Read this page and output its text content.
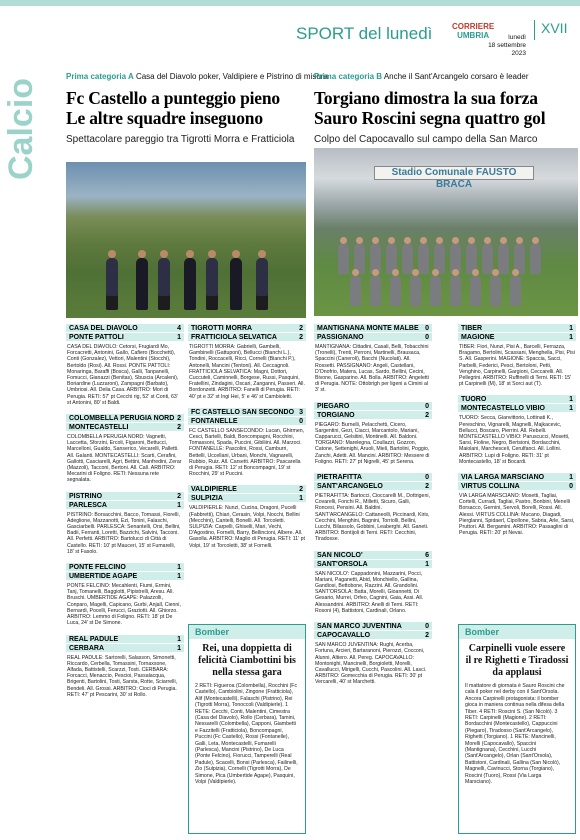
SPORT del lunedì CORRIERE
UMBRIA	lunedì
18 settembre
2023
XVII
Calcio
Prima categoria A Casa del Diavolo poker, Valdipiere e Pistrino di misura
Fc Castello a punteggio pieno
Le altre squadre inseguono
Spettacolare pareggio tra Tigrotti Morra e Fratticiola
Prima categoria B Anche il Sant'Arcangelo corsaro è leader
Torgiano dimostra la sua forza
Sauro Roscini segna quattro gol
Colpo del Capocavallo sul campo della San Marco
Stadio Comunale FAUSTO BRACA
CASA DEL DIAVOLO	4
PONTE PATTOLI	1
CASA DEL DIAVOLO: Cetorsi, Frugiardi Mo, Forcacretti, Antonini, Gallo, Cafiero (Bocchetti), Conti (Gonzalez), Vettori, Malentini (Stocchi), Bertoldo (Rosi). All. Rossi. PONTE PATTOLI: Monaringa, Baraffi (Bosca), Galli, Tanpanelli, Fomucci, Gianazzi (Benitas), Sbuscia (Arcaleni), Boriardine (Luzzaroni), Zampagni (Barbato), Umbriosi. All. Delia Casa. ARBITRO: Mori di Perugia. RETI: 57' pt Cecchi rig, 52' st Conti, 63' st Antonini, 80' st Baldi.
COLOMBELLA PERUGIA NORD 2
MONTECASTELLI	2
COLOMBELLA PERUGIA NORD: Vagnetti, Laccetta, Sforzini, Ercoli, Figaroni, Bettucci, Marcelloni, Gualdo, Sanserico, Vecarelli, Palletti. All. Galanti. MONTECASTELLI: Scarti, Cerafini, Gallotti, Casciarelli, Agri, Bettini, Manfredini, Zerar (Mazzoli), Tacconi, Bertoni. All. Calì. ARBITRO: Mecarini di Foligno. RETI: Nessuna rete segnalata.
PISTRINO	2
PARLESCA	1
PISTRINO: Borsacchini, Bacco, Tomassi, Fiorelli, Adeglione, Mazzanotti, Ezi, Tonini, Falaschi, Gasciarbelli. PARLESCA: Senantelli, Orsi, Bellini, Badii, Ferranti, Loretti, Bazzichi, Salvini, Tacconi. All. Perfetti. ARBITRO: Bartolucci di Città di Castello. RETI: 10' pt Mauceri, 15' st Fumarelli, 18' st Fasolo.
PONTE FELCINO	1
UMBERTIDE AGAPE	1
PONTE FELCINO: Mecahlenti, Fiumi, Ermini, Tanj, Tomanelli, Baggiotti, Pipistrelli, Aresu. All. Bruschi. UMBERTIDE AGAPE: Palazzolli, Conparo, Magelli, Capicano, Gurbi, Anjall, Cienni, Bernardi, Pocelli, Ferucci, Graziotti. All. Ghiorzo. ARBITRO: Lemmo di Foligno. RETI: 18' pt De Luca, 24' st De Simone.
REAL PADULE	1
CERBARA	1
REAL PADULE: Sartorelli, Salasson, Simonetti, Riccardo, Cerbella, Tomassini, Tornaxsone, Alfada, Battistelli, Scarzzi, Tosti. CERBARA: Forcacci, Menaccio, Pescioi, Passalacqua, Brigenti, Bartolini, Tosti, Sarsta, Rotte, Sciarrelli, Bendeli. All. Grossi. ARBITRO: Cioci di Perugia. RETI: 47' pt Pescarini, 30' st Rollo.
TIGROTTI MORRA	2
FRATTICIOLA SELVATICA	2
TIGROTTI MORRA: Gabrielli, Gambelli, Gambinelli (Gattuponi), Bellucci (Bianchi L.), Tondini, Roccacelli, Ricci, Cornelli (Bianchi P.), Antonelli, Mancini (Tentoni). All. Ceccagnoli. FRATTICIOLA SELVATICA: Magni, Dottori, Cuccuteli, Caminnelli, Borgese, Russi, Pasquini, Fratellini, Zindagini, Oscari, Zanganni, Passeri. All. Bordonzetti. ARBITRO: Fanelli di Perugia. RETI: 40' pt e 32' st Ingi Hei, 5' e 46' st Cambioletti.
FC CASTELLO SAN SECONDO 3
FONTANELLE	0
FC CASTELLO SANSECONDO: Lucan, Ghirmen, Cesci, Bartelli, Baldi, Boncompagni, Rocchini, Tomassoni, Spada, Puccini, Gibiliini. All. Marzoci. FONTANELLE: Pascolini, Rossi, Camburri, Bettelli, Uccellani, Urbani, Monchi, Vagnarelli, Rubbio, Ruiz. All. Carsetti. ARBITRO: Pascarella di Perugia. RETI: 12' st Boncompagni, 19' st Rocchini, 29' st Puccini.
VALDIPIERLE	2
SULPIZIA	1
VALDIPIERLE: Nunzi, Cucina, Dragoni, Pucelli (Fabbretti), Chiari, Cerasin, Volpi, Nocchi, Bellini (Mecchini), Cantelli, Bonelli. All. Torcoletti. SULPIZIA: Carpelli, Ghiselli, Mari, Vechi, D'Agostino, Fornelli, Barry, Bellincioni, Albere. All. Gasolla. ARBITRO: Maglio di Perugia. RETI: 11' pt Volpi, 19' st Torcoletti, 38' st Fornelli.
MANTIGNANA MONTE MALBE 0
PASSIGNANO	0
MANTIGNANA: Cittadini, Casali, Belli, Tobacchini (Tronelli), Trenti, Perroni, Martinelli, Brausaca, Spaccini (Caneroli), Bacchi (Nucolati). All. Rossetti. PASSIGNANO: Angeli, Castellani, D'Onofrio, Matera, Lucas, Sardo, Bellini, Cecini, Bivone, Gasparino. All. Bolla. ARBITRO: Angeletti di Perugia. NOTE: Ottobrigh per ligeni a Cimini al 3' st.
PIEGARO	0
TORGIANO	2
PIEGARO: Burnelli, Pelacchetti, Cicero, Sargentini, Gezi, Ciacci, Marcantolo, Mariani, Capparucci, Gelsitini, Montinelli. All. Baldoni. TORGIANO: Marelegna, Coullazzi, Gozzon, Catone, Settenighi, Aruoli, Mieli, Bartolini, Poggio, Zanchi, Adetti. All. Mancini. ARBITRO: Messere di Foligno. RETI: 27' pt Nigrelli, 45' pt Serena.
PIETRAFITTA	0
SANT'ARCANGELO	2
PIETRAFITTA: Bartocci, Cioccarelli M., Dottrigeni, Covarelli, Fonchi R., Milletti, Sicuro, Galli, Roncesi, Pensini. All. Baldini. SANT'ARCANGELO: Cattaneolli, Piccinardi, Kiris, Cecchini, Menghini, Bagnini, Torriolli, Bellini, Lucchi, Bilassolo, Gobbini, Leaberghi. All. Ganeti. ARBITRO: Bontijoli di Terni. RETI: Cecchini, Tiradosse.
SAN NICOLO'	6
SANT'ORSOLA	1
SAN NICOLO': Cappadonini, Mazzarini, Pocci, Mariani, Paganetti, Abid, Monchiello, Gallina, Gandiosi, Bettobone, Razzini. All. Grandolini. SANT'ORSOLA: Batta, Morelli, Gioannetti, Di Gesario, Murrei, Orfeo, Cagnini, Gaia, Assi. All. Alessandrini. ARBITRO: Anelli di Terni. RETI: Rosoni (4), Battistoni, Cardinali, Orlano.
SAN MARCO JUVENTINA	0
CAPOCAVALLO	2
SAN MARCO JUVENTINA: Rughi, Acerba, Fortuna, Arcieri, Bartaranoni, Pierozzi, Cocconi, Alunni, Altiero. All. Pereg. CAPOCAVALLO: Montonighi, Mancinelli, Borgioletti, Morelli, Cavallucci, Mirigelli, Cucchi, Pascolini. All. Lasci. ARBITRO: Gomecchia di Perugia. RETI: 30' pt Vercarelli, 40' st Marchetti.
TIBER	1
MAGIONE	1
TIBER: Fiori, Nunzi, Pisi A., Barcelli, Ferrazza, Bragamo, Bertolini, Scassani, Menghella, Pisi, Pisi S. All. Gasperini. MAGIONE: Spaccia, Sacci, Parbelli, Federici, Pesci, Bertoloni, Petti, Venghino, Carpinelli, Gargioni, Ceccarelli. All. Pellegrini. ARBITRO: Ruffinelli di Terni. RETI: 15' pt Carpinelli (M), 18' st Sorci aut (T).
TUORO	1
MONTECASTELLO VIBIO	1
TUORO: Secca, Gianvittorio, Lottinati K., Pereschino, Vignarelli, Magnelli, Majkacevic, Bellucci, Boscaro, Pierrini. All. Rebelli. MONTECASTELLO VIBIO: Paruscucci, Mosetti, Sarsi, Fioline, Negro, Bertsioni, Bordacchini, Maiolani, Marchesceli, Cerulfanci. All. Lollini. ARBITRO: Lupi di Foligno. RETI: 31' pt Montecastello, 18' st Bocardi.
VIA LARGA MARSCIANO	1
VIRTUS COLLINA	0
VIA LARGA MARSCIANO: Mosetti, Tagliai, Cortelli, Curradi, Tagliai, Pastro, Bonbini, Menelli Borsacco, Gernini, Servoli, Borelli, Rossi. All. Alessi. VIRTUS COLLINA: Mucano, Diagadi, Pierglanni, Spidaerl, Cipollone, Sabria, Arle, Sarsi, Pruttori. All. Bergamini. ARBITRO: Passaglini di Perugia. RETI: 20' pt Nevai.
Bomber
Rei, una doppietta di felicità Ciambottini bis nella stessa gara
2 RETI: Figueroa (Colombella), Rocchini (Fc Castello), Cambiolini, Zingone (Fratticiola), Alif (Montecastelli), Falaschi (Pistrino), Rei (Tigrotti Morra), Tonoccoli (Valdipierle). 1 RETE: Cecchi, Conti, Malentini, Cimestra (Casa del Diavolo), Rollo (Cerbara), Tamini, Nessarelli (Colombella), Capponi, Giambetti e Fazzitelli (Fratticiola), Boncompagni, Puccini (Fc Castello), Rossi (Fontanelle), Galli, Leta, Montecastelli, Fumarelli (Parlesca), Mancini (Pistrino), De Luca (Ponte Felcino), Fiorucci, Tamperelli (Real Padule), Scacelli, Bonsi (Parlesca), Failinelli, Zio (Sulpizia), Cornelli (Tigrotti Morra), De Simone, Pica (Umbertide Agape), Pasquini, Volpi (Valdipierle).
Bomber
Carpinelli vuole essere il re Righetti e Tiradossi da applausi
Il mattatore di giornata è Sauro Roscini che cala il poker nel derby con il Sant'Orsola. Ancora Carpinelli protagonista: il bomber gioca in maniera continua nella difesa della Tiber. 4 RETI: Roscini S. (San Nicolò). 3 RETI: Carpinelli (Magione). 2 RETI: Bordacchini (Montecastello), Cappuccini (Piegaro), Tiradosso (Sant'Arcangelo), Righetti (Torgiano). 1 RETE: Mancinelli, Morelli (Capocavallo), Spaccini (Mantignana), Cecchini, Lucchi (Sant'Arcangelo), Orlan (Sant'Orsola), Battistoni, Cardinali, Gallina (San Nicolò), Magnelli, Cavinucci, Storna (Torgiano), Roscini (Tuoro), Rossi (Via Larga Marsciano).
